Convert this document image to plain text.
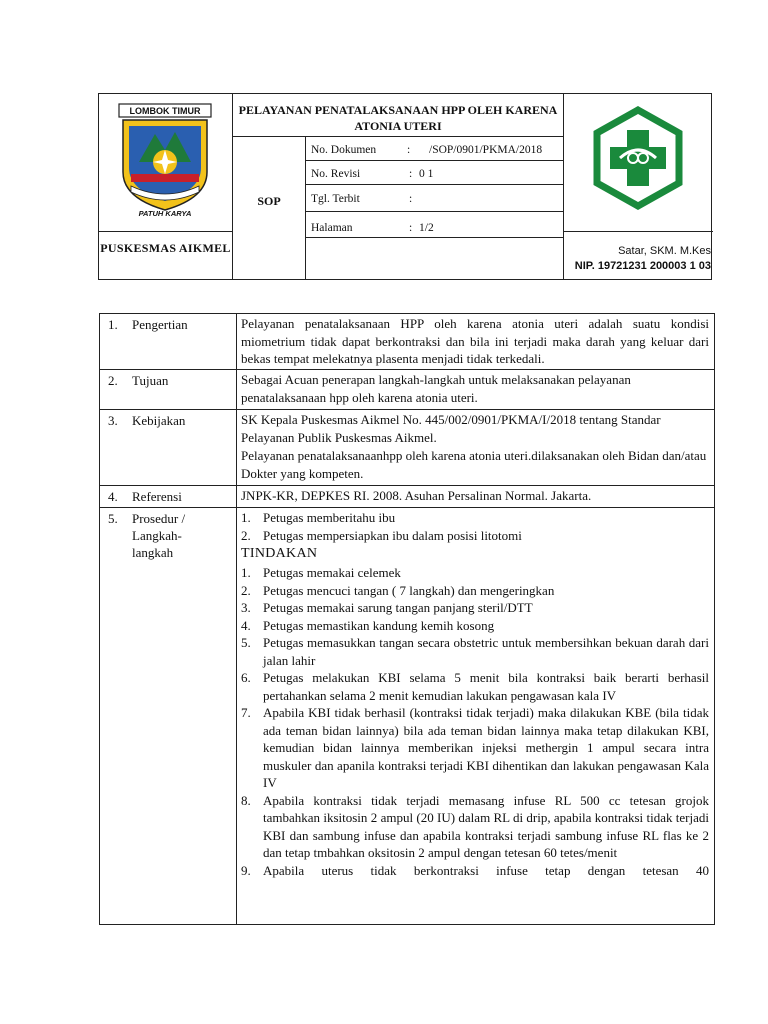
LOMBOK TIMUR
PATUH KARYA
PUSKESMAS AIKMEL
PELAYANAN PENATALAKSANAAN HPP OLEH KARENA ATONIA UTERI
SOP
No. Dokumen	: /SOP/0901/PKMA/2018
No. Revisi	: 0 1
Tgl. Terbit	:
Halaman	: 1/2
Satar, SKM. M.Kes
NIP. 19721231 200003 1 03
1. Pengertian	Pelayanan penatalaksanaan HPP oleh karena atonia uteri adalah suatu kondisi miometrium tidak dapat berkontraksi dan bila ini terjadi maka darah yang keluar dari bekas tempat melekatnya plasenta menjadi tidak terkedali.
2. Tujuan	Sebagai Acuan penerapan langkah-langkah untuk melaksanakan pelayanan penatalaksanaan hpp oleh karena atonia uteri.
3. Kebijakan	SK Kepala Puskesmas Aikmel No. 445/002/0901/PKMA/I/2018 tentang Standar Pelayanan Publik Puskesmas Aikmel.

Pelayanan penatalaksanaanhpp oleh karena atonia uteri.dilaksanakan oleh Bidan dan/atau Dokter yang kompeten.

4. Referensi	JNPK-KR, DEPKES RI. 2008. Asuhan Persalinan Normal. Jakarta.
5. Prosedur / Langkah-langkah
1. Petugas memberitahu ibu
2. Petugas mempersiapkan ibu dalam posisi litotomi
TINDAKAN
1. Petugas memakai celemek
2. Petugas mencuci tangan ( 7 langkah) dan mengeringkan
3. Petugas memakai sarung tangan panjang steril/DTT
4. Petugas memastikan kandung kemih kosong
5. Petugas memasukkan tangan secara obstetric untuk membersihkan bekuan darah dari jalan lahir
6. Petugas melakukan KBI selama 5 menit bila kontraksi baik berarti berhasil pertahankan selama 2 menit kemudian lakukan pengawasan kala IV
7. Apabila KBI tidak berhasil (kontraksi tidak terjadi) maka dilakukan KBE (bila tidak ada teman bidan lainnya) bila ada teman bidan lainnya maka tetap dilakukan KBI, kemudian bidan lainnya memberikan injeksi methergin 1 ampul secara intra muskuler dan apanila kontraksi terjadi KBI dihentikan dan lakukan pengawasan Kala IV
8. Apabila kontraksi tidak terjadi memasang infuse RL 500 cc tetesan grojok tambahkan iksitosin 2 ampul (20 IU) dalam RL di drip, apabila kontraksi tidak terjadi KBI dan sambung infuse dan apabila kontraksi terjadi sambung infuse RL flas ke 2 dan tetap tmbahkan oksitosin 2 ampul dengan tetesan 60 tetes/menit
9. Apabila uterus tidak berkontraksi infuse tetap dengan tetesan 40
